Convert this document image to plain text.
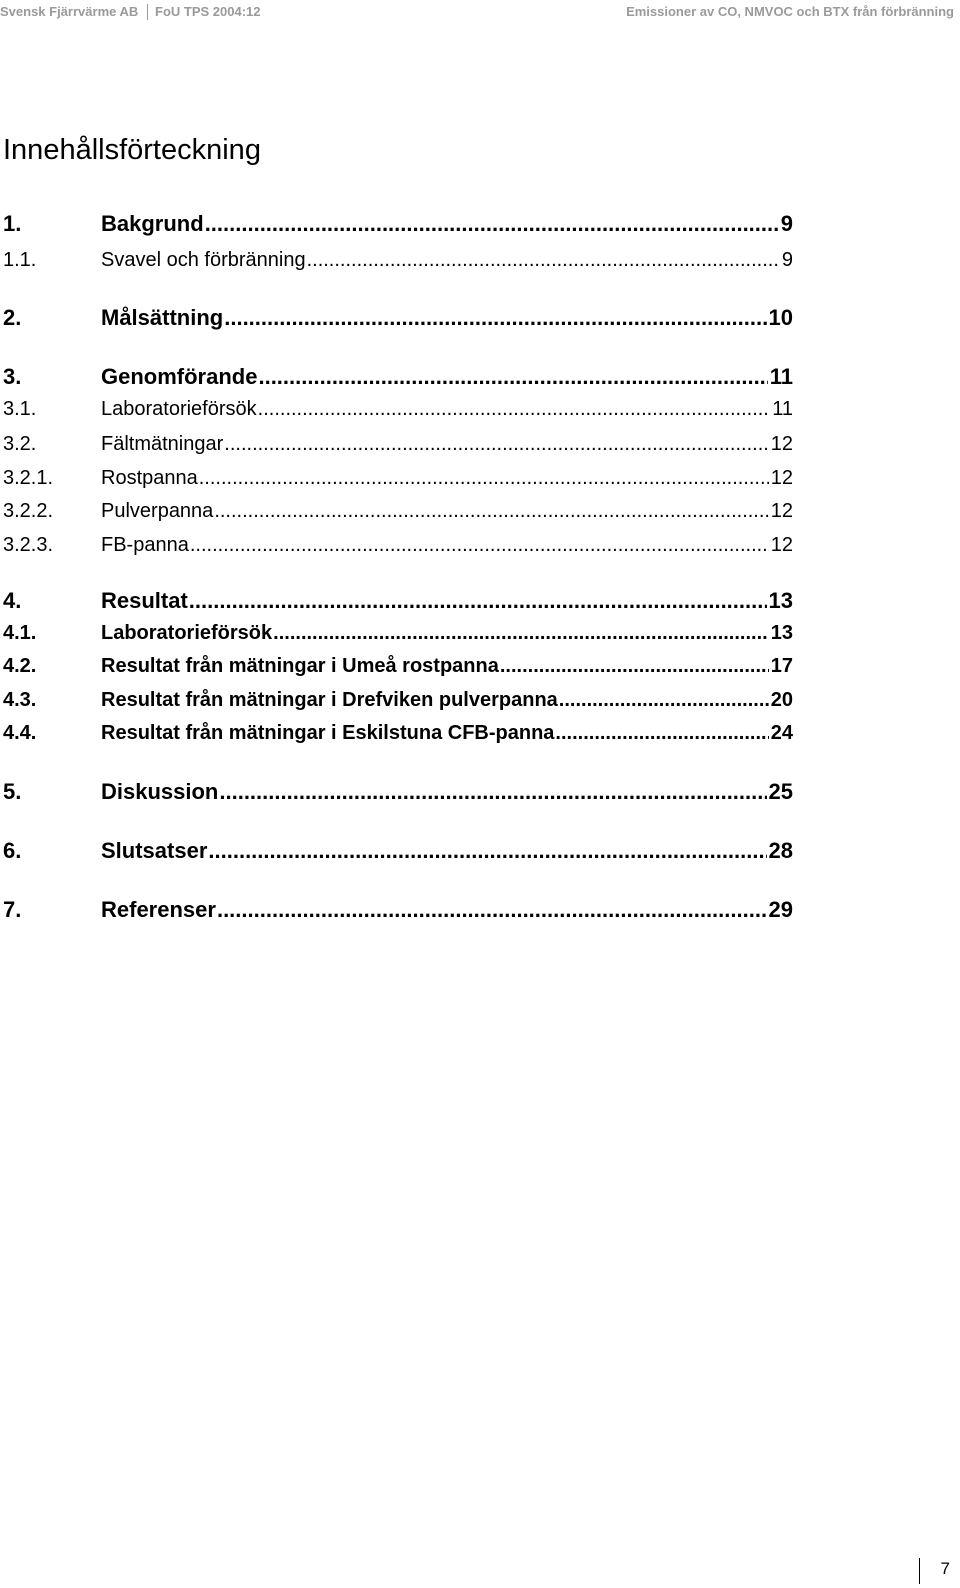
Svensk Fjärrvärme AB FoU TPS 2004:12	Emissioner av CO, NMVOC och BTX från förbränning
Innehållsförteckning
1.	Bakgrund .....	9
1.1.	Svavel och förbränning .....	9
2.	Målsättning .....	10
3.	Genomförande .....	11
3.1.	Laboratorieförsök .....	11
3.2.	Fältmätningar .....	12
3.2.1.	Rostpanna .....	12
3.2.2.	Pulverpanna .....	12
3.2.3.	FB-panna .....	12
4.	Resultat .....	13
4.1.	Laboratorieförsök .....	13
4.2.	Resultat från mätningar i Umeå rostpanna .....	17
4.3.	Resultat från mätningar i Drefviken pulverpanna .....	20
4.4.	Resultat från mätningar i Eskilstuna CFB-panna .....	24
5.	Diskussion .....	25
6.	Slutsatser .....	28
7.	Referenser .....	29
7
